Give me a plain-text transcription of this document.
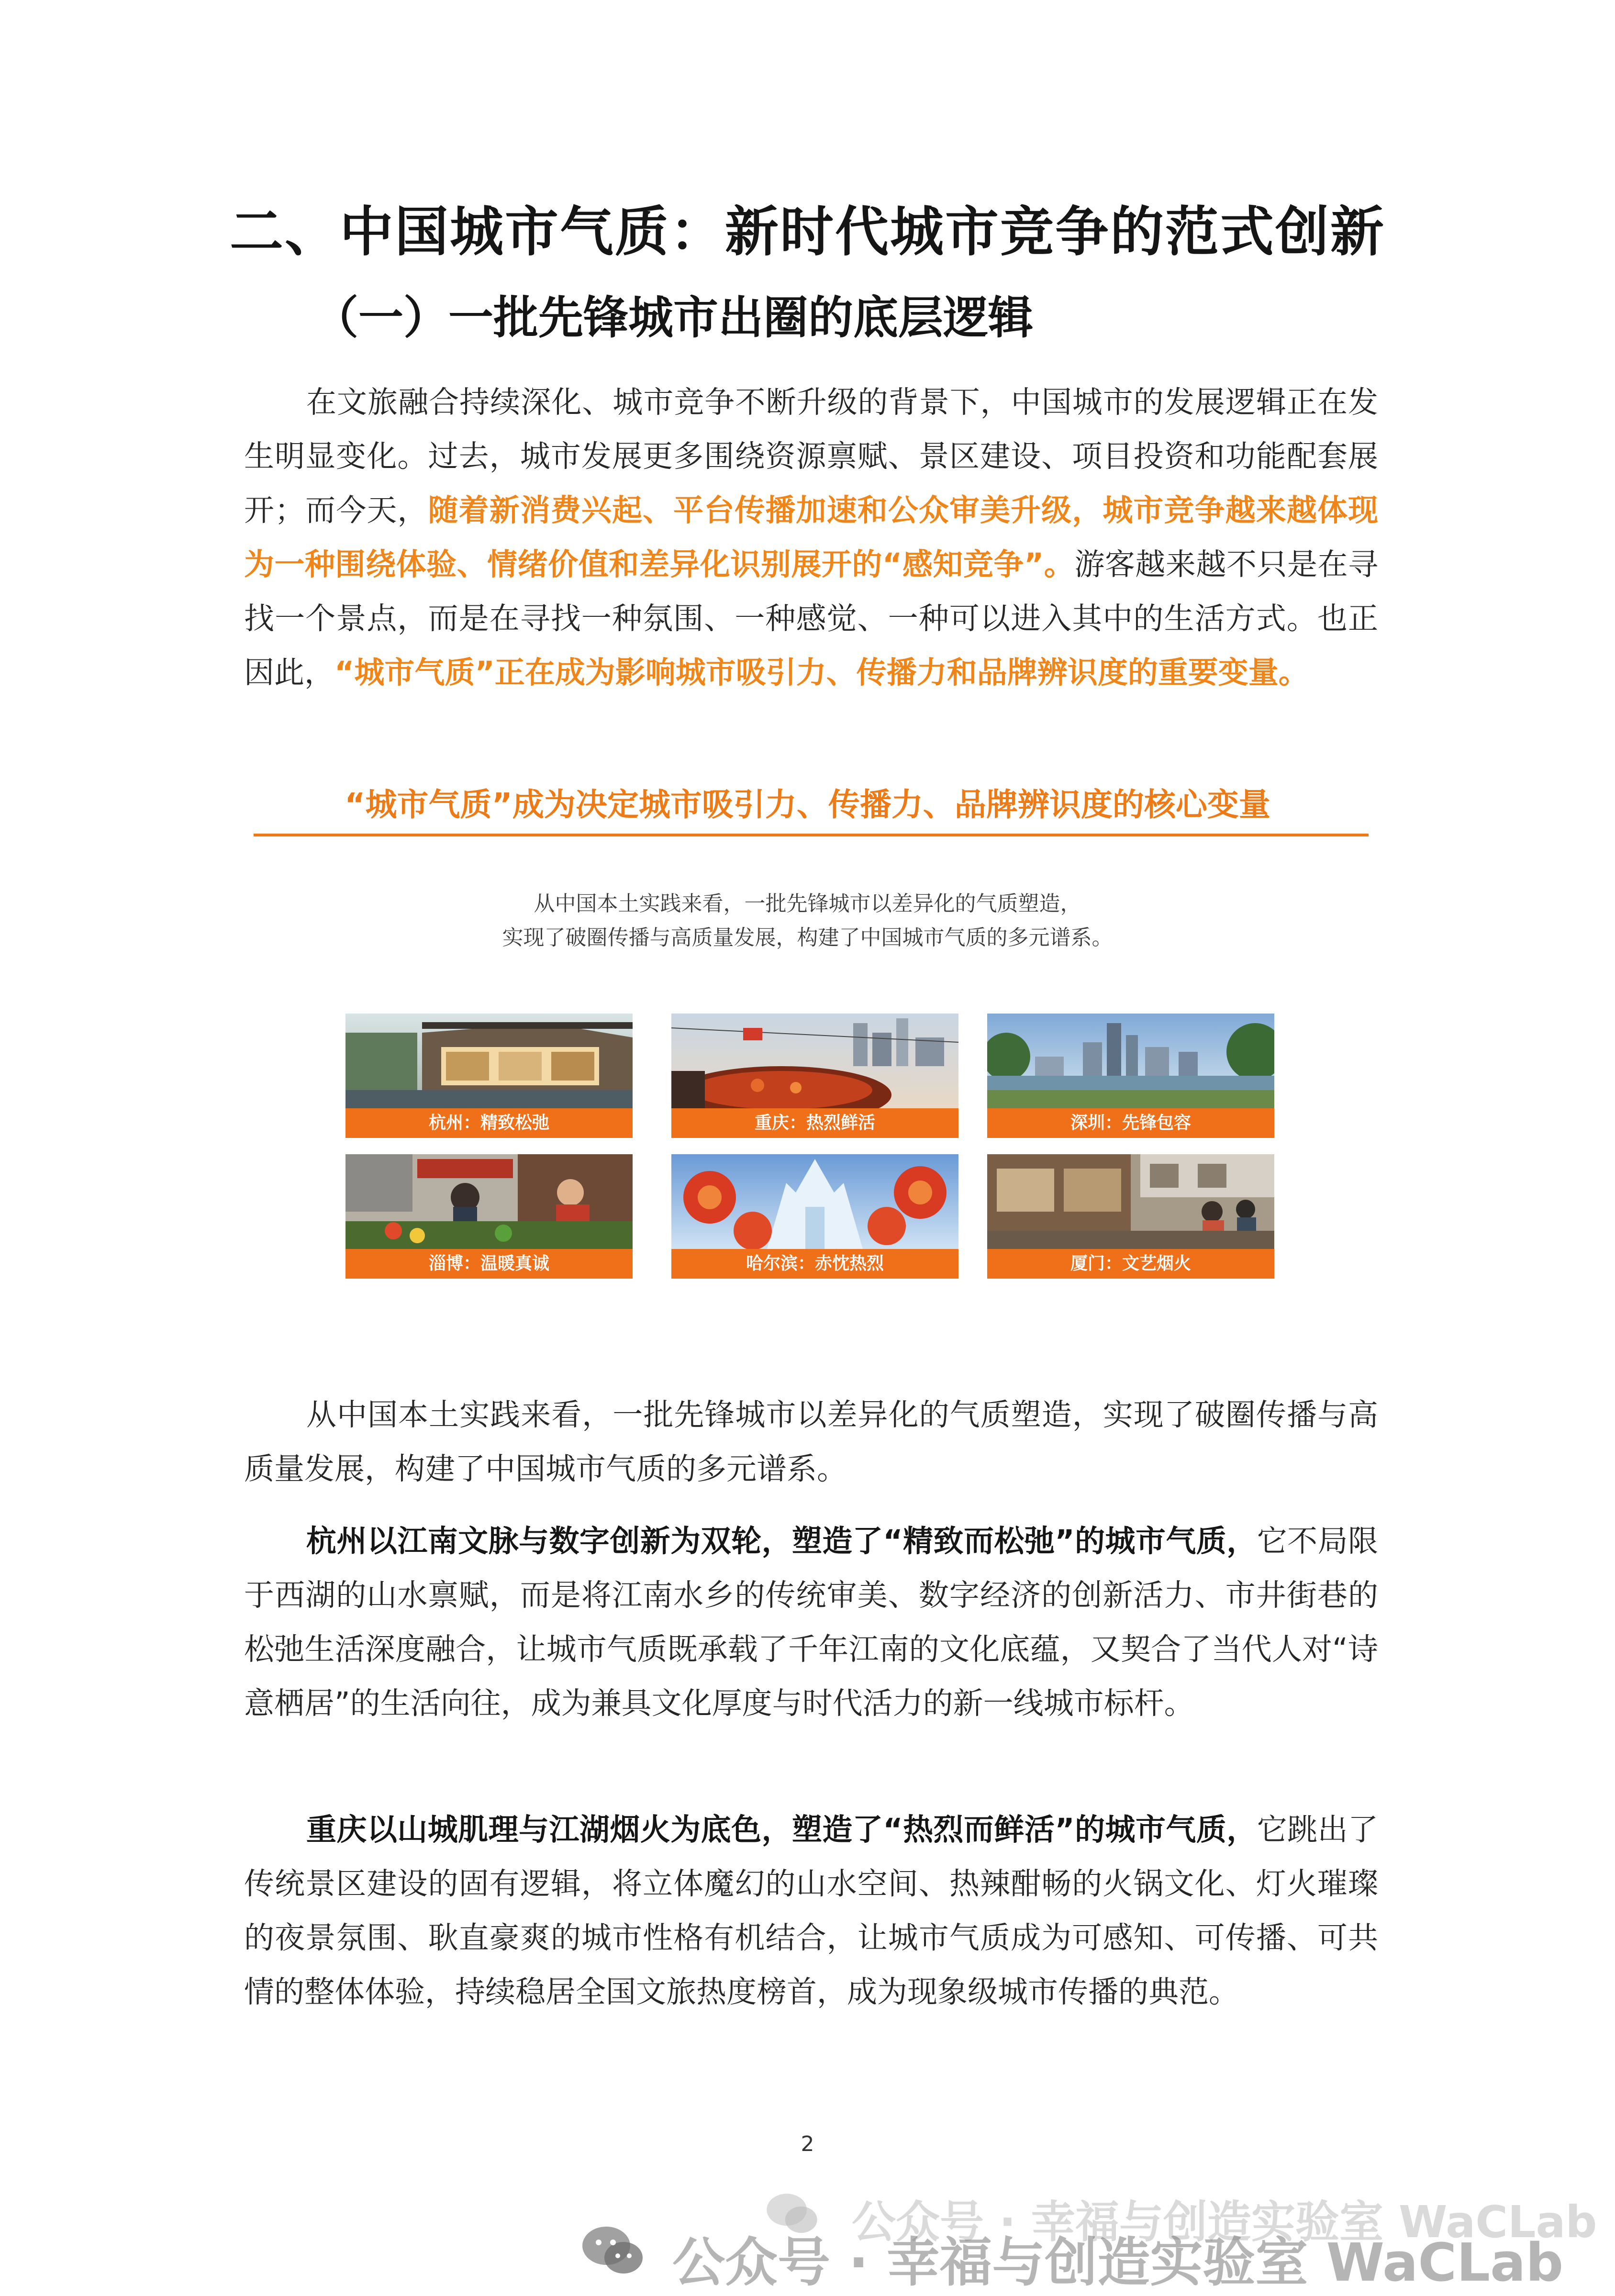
二、中国城市气质：新时代城市竞争的范式创新
（一）一批先锋城市出圈的底层逻辑

在文旅融合持续深化、城市竞争不断升级的背景下，中国城市的发展逻辑正在发生明显变化。过去，城市发展更多围绕资源禀赋、景区建设、项目投资和功能配套展开；而今天，随着新消费兴起、平台传播加速和公众审美升级，城市竞争越来越体现为一种围绕体验、情绪价值和差异化识别展开的“感知竞争”。游客越来越不只是在寻找一个景点，而是在寻找一种氛围、一种感觉、一种可以进入其中的生活方式。也正因此，“城市气质”正在成为影响城市吸引力、传播力和品牌辨识度的重要变量。

“城市气质”成为决定城市吸引力、传播力、品牌辨识度的核心变量

从中国本土实践来看，一批先锋城市以差异化的气质塑造，

实现了破圈传播与高质量发展，构建了中国城市气质的多元谱系。

杭州：精致松弛	重庆：热烈鲜活	深圳：先锋包容
淄博：温暖真诚	哈尔滨：赤忱热烈	厦门：文艺烟火

从中国本土实践来看，一批先锋城市以差异化的气质塑造，实现了破圈传播与高质量发展，构建了中国城市气质的多元谱系。

杭州以江南文脉与数字创新为双轮，塑造了“精致而松弛”的城市气质，它不局限于西湖的山水禀赋，而是将江南水乡的传统审美、数字经济的创新活力、市井街巷的松弛生活深度融合，让城市气质既承载了千年江南的文化底蕴，又契合了当代人对“诗意栖居”的生活向往，成为兼具文化厚度与时代活力的新一线城市标杆。

重庆以山城肌理与江湖烟火为底色，塑造了“热烈而鲜活”的城市气质，它跳出了传统景区建设的固有逻辑，将立体魔幻的山水空间、热辣酣畅的火锅文化、灯火璀璨的夜景氛围、耿直豪爽的城市性格有机结合，让城市气质成为可感知、可传播、可共情的整体体验，持续稳居全国文旅热度榜首，成为现象级城市传播的典范。

2

公众号 · 幸福与创造实验室 WaCLab

公众号 · 幸福与创造实验室 WaCLab
